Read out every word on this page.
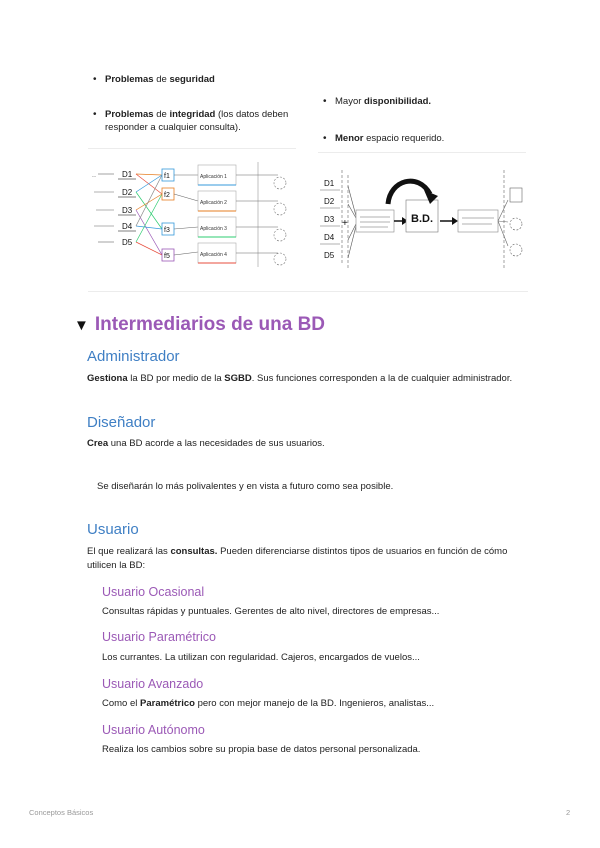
• Problemas de seguridad
• Problemas de integridad (los datos deben responder a cualquier consulta).
• Mayor disponibilidad.
• Menor espacio requerido.
---	D1
D2
D3
D4
D5
f1
f2
f3
f5
Aplicación 1
Aplicación 2
Aplicación 3
Aplicación 4
D1
D2
D3
D4
D5
+	B.D.
▼ Intermediarios de una BD
Administrador
Gestiona la BD por medio de la SGBD. Sus funciones corresponden a la de cualquier administrador.
Diseñador
Crea una BD acorde a las necesidades de sus usuarios.
Se diseñarán lo más polivalentes y en vista a futuro como sea posible.
Usuario
El que realizará las consultas. Pueden diferenciarse distintos tipos de usuarios en función de cómo utilicen la BD:
Usuario Ocasional
Consultas rápidas y puntuales. Gerentes de alto nivel, directores de empresas...
Usuario Paramétrico
Los currantes. La utilizan con regularidad. Cajeros, encargados de vuelos...
Usuario Avanzado
Como el Paramétrico pero con mejor manejo de la BD. Ingenieros, analistas...
Usuario Autónomo
Realiza los cambios sobre su propia base de datos personal personalizada.
Conceptos Básicos	2
